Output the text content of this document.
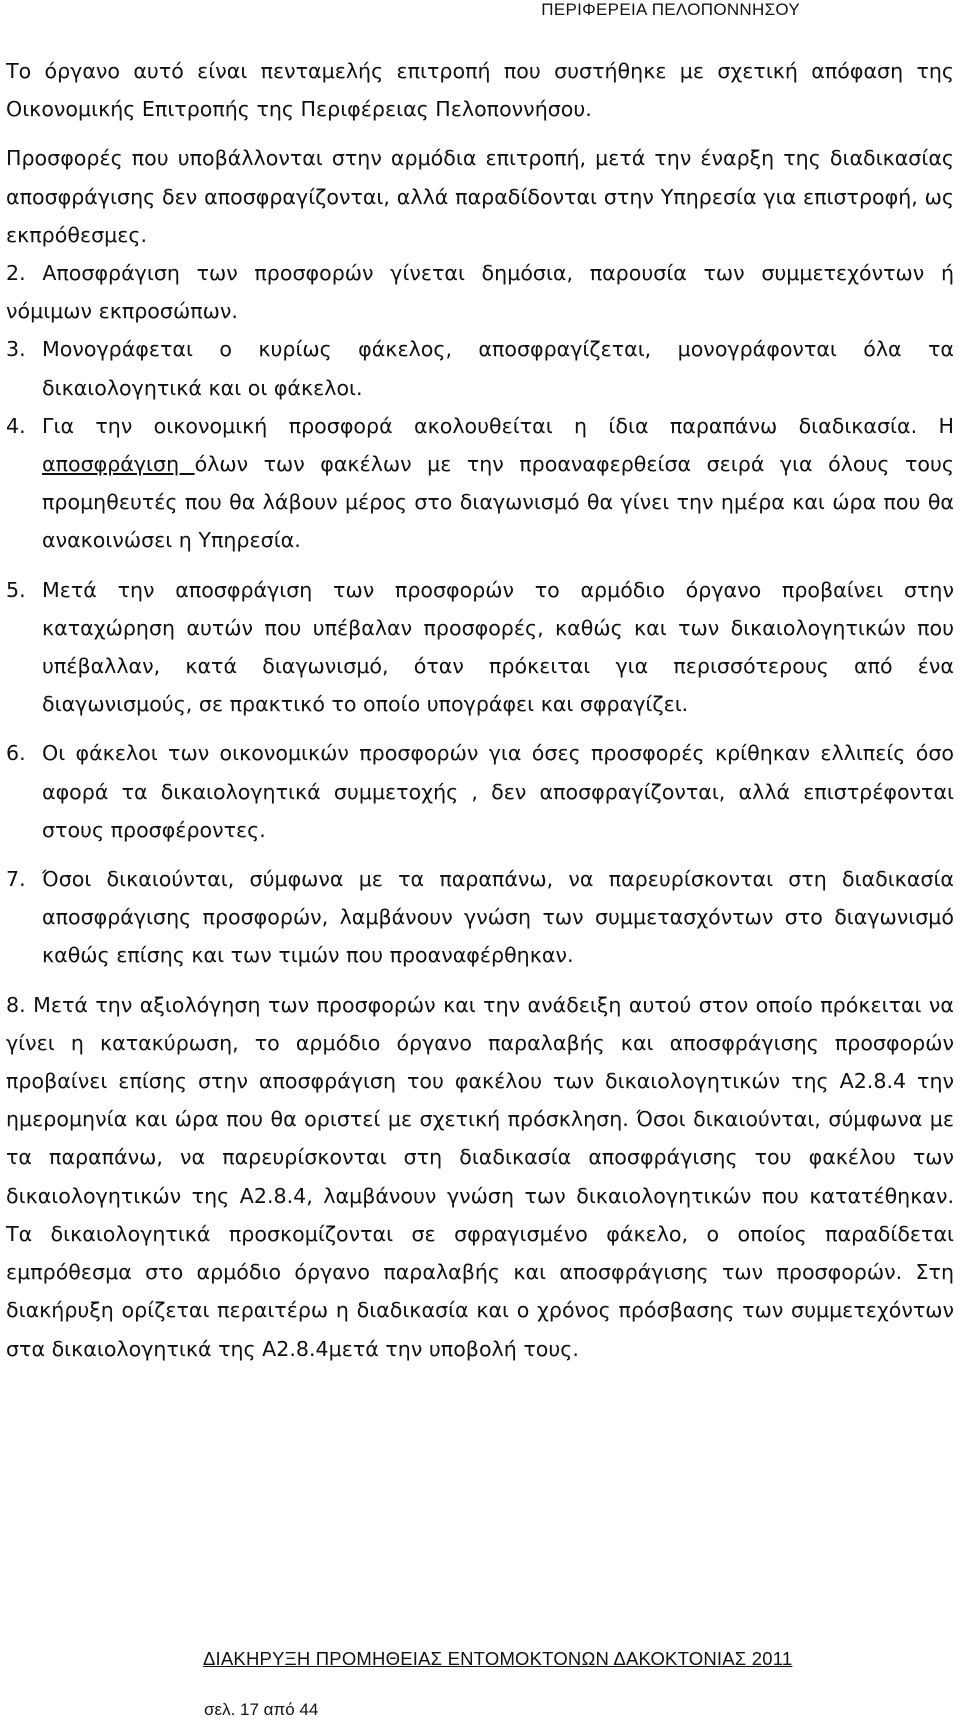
ΠΕΡΙΦΕΡΕΙΑ ΠΕΛΟΠΟΝΝΗΣΟΥ

Το όργανο αυτό είναι πενταμελής επιτροπή που συστήθηκε με σχετική απόφαση της Οικονομικής Επιτροπής της Περιφέρειας Πελοποννήσου.

Προσφορές που υποβάλλονται στην αρμόδια επιτροπή, μετά την έναρξη της διαδικασίας αποσφράγισης δεν αποσφραγίζονται, αλλά παραδίδονται στην Υπηρεσία για επιστροφή, ως εκπρόθεσμες.

2. Αποσφράγιση των προσφορών γίνεται δημόσια, παρουσία των συμμετεχόντων ή νόμιμων εκπροσώπων.

3. Μονογράφεται ο κυρίως φάκελος, αποσφραγίζεται, μονογράφονται όλα τα δικαιολογητικά και οι φάκελοι.
4. Για την οικονομική προσφορά ακολουθείται η ίδια παραπάνω διαδικασία. Η αποσφράγιση όλων των φακέλων με την προαναφερθείσα σειρά για όλους τους προμηθευτές που θα λάβουν μέρος στο διαγωνισμό θα γίνει την ημέρα και ώρα που θα ανακοινώσει η Υπηρεσία.
5. Μετά την αποσφράγιση των προσφορών το αρμόδιο όργανο προβαίνει στην καταχώρηση αυτών που υπέβαλαν προσφορές, καθώς και των δικαιολογητικών που υπέβαλλαν, κατά διαγωνισμό, όταν πρόκειται για περισσότερους από ένα διαγωνισμούς, σε πρακτικό το οποίο υπογράφει και σφραγίζει.
6. Οι φάκελοι των οικονομικών προσφορών για όσες προσφορές κρίθηκαν ελλιπείς όσο αφορά τα δικαιολογητικά συμμετοχής , δεν αποσφραγίζονται, αλλά επιστρέφονται στους προσφέροντες.
7. Όσοι δικαιούνται, σύμφωνα με τα παραπάνω, να παρευρίσκονται στη διαδικασία αποσφράγισης προσφορών, λαμβάνουν γνώση των συμμετασχόντων στο διαγωνισμό καθώς επίσης και των τιμών που προαναφέρθηκαν.

8. Μετά την αξιολόγηση των προσφορών και την ανάδειξη αυτού στον οποίο πρόκειται να γίνει η κατακύρωση, το αρμόδιο όργανο παραλαβής και αποσφράγισης προσφορών προβαίνει επίσης στην αποσφράγιση του φακέλου των δικαιολογητικών της Α2.8.4 την ημερομηνία και ώρα που θα οριστεί με σχετική πρόσκληση. Όσοι δικαιούνται, σύμφωνα με τα παραπάνω, να παρευρίσκονται στη διαδικασία αποσφράγισης του φακέλου των δικαιολογητικών της Α2.8.4, λαμβάνουν γνώση των δικαιολογητικών που κατατέθηκαν. Τα δικαιολογητικά προσκομίζονται σε σφραγισμένο φάκελο, ο οποίος παραδίδεται εμπρόθεσμα στο αρμόδιο όργανο παραλαβής και αποσφράγισης των προσφορών. Στη διακήρυξη ορίζεται περαιτέρω η διαδικασία και ο χρόνος πρόσβασης των συμμετεχόντων στα δικαιολογητικά της Α2.8.4μετά την υποβολή τους.

ΔΙΑΚΗΡΥΞΗ ΠΡΟΜΗΘΕΙΑΣ ΕΝΤΟΜΟΚΤΟΝΩΝ ΔΑΚΟΚΤΟΝΙΑΣ 2011
σελ. 17 από 44
